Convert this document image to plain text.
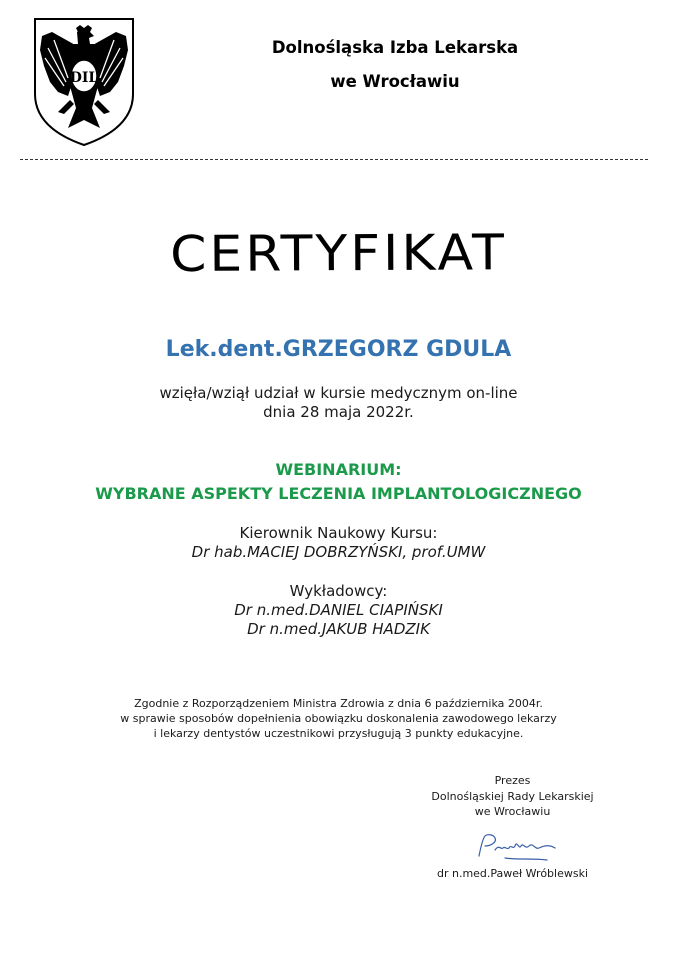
DIL
Dolnośląska Izba Lekarska
we Wrocławiu
CERTYFIKAT
Lek.dent.GRZEGORZ GDULA
wzięła/wziął udział w kursie medycznym on-line
dnia 28 maja 2022r.
WEBINARIUM:
WYBRANE ASPEKTY LECZENIA IMPLANTOLOGICZNEGO
Kierownik Naukowy Kursu:
Dr hab.MACIEJ DOBRZYŃSKI, prof.UMW
Wykładowcy:
Dr n.med.DANIEL CIAPIŃSKI
Dr n.med.JAKUB HADZIK
Zgodnie z Rozporządzeniem Ministra Zdrowia z dnia 6 października 2004r.
w sprawie sposobów dopełnienia obowiązku doskonalenia zawodowego lekarzy
i lekarzy dentystów uczestnikowi przysługują 3 punkty edukacyjne.
Prezes
Dolnośląskiej Rady Lekarskiej
we Wrocławiu
dr n.med.Paweł Wróblewski
